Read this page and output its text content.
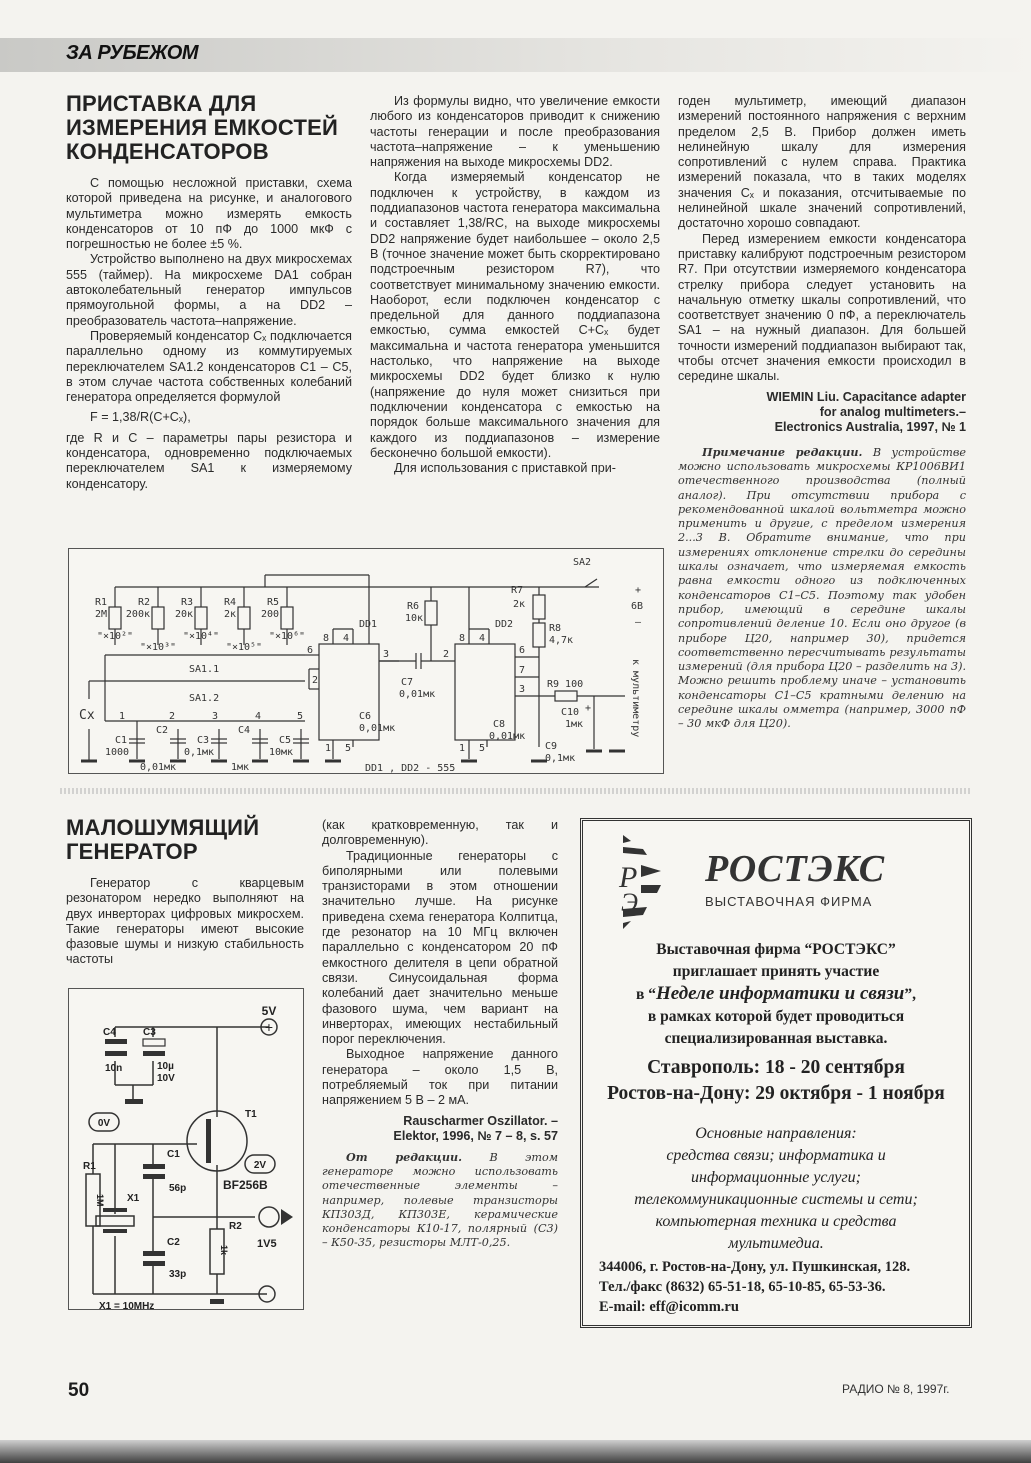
ЗА РУБЕЖОМ
ПРИСТАВКА ДЛЯ
ИЗМЕРЕНИЯ ЕМКОСТЕЙ
КОНДЕНСАТОРОВ

С помощью несложной приставки, схема которой приведена на рисунке, и аналогового мультиметра можно измерять емкость конденсаторов от 10 пФ до 1000 мкФ с погрешностью не более ±5 %.

Устройство выполнено на двух микросхемах 555 (таймер). На микросхеме DA1 собран автоколебательный генератор импульсов прямоугольной формы, а на DD2 – преобразователь частота–напряжение.

Проверяемый конденсатор Cₓ подключается параллельно одному из коммутируемых переключателем SA1.2 конденсаторов C1 – C5, в этом случае частота собственных колебаний генератора определяется формулой

F = 1,38/R(C+Cₓ),

где R и C – параметры пары резистора и конденсатора, одновременно подключаемых переключателем SA1 к измеряемому конденсатору.

Из формулы видно, что увеличение емкости любого из конденсаторов приводит к снижению частоты генерации и после преобразования частота–напряжение – к уменьшению напряжения на выходе микросхемы DD2.

Когда измеряемый конденсатор не подключен к устройству, в каждом из поддиапазонов частота генератора максимальна и составляет 1,38/RC, на выходе микросхемы DD2 напряжение будет наибольшее – около 2,5 В (точное значение может быть скорректировано подстроечным резистором R7), что соответствует минимальному значению емкости. Наоборот, если подключен конденсатор с предельной для данного поддиапазона емкостью, сумма емкостей C+Cₓ будет максимальна и частота генератора уменьшится настолько, что напряжение на выходе микросхемы DD2 будет близко к нулю (напряжение до нуля может снизиться при подключении конденсатора с емкостью на порядок больше максимального значения для каждого из поддиапазонов – измерение бесконечно большой емкости).

Для использования с приставкой при-

годен мультиметр, имеющий диапазон измерений постоянного напряжения с верхним пределом 2,5 В. Прибор должен иметь нелинейную шкалу для измерения сопротивлений с нулем справа. Практика измерений показала, что в таких моделях значения Cₓ и показания, отсчитываемые по нелинейной шкале значений сопротивлений, достаточно хорошо совпадают.

Перед измерением емкости конденсатора приставку калибруют подстроечным резистором R7. При отсутствии измеряемого конденсатора стрелку прибора следует установить на начальную отметку шкалы сопротивлений, что соответствует значению 0 пФ, а переключатель SA1 – на нужный диапазон. Для большей точности измерений поддиапазон выбирают так, чтобы отсчет значения емкости происходил в середине шкалы.

WIEMIN Liu. Capacitance adapter
for analog multimeters.–
Electronics Australia, 1997, № 1

Примечание редакции. В устройстве можно использовать микросхемы КР1006ВИ1 отечественного производства (полный аналог). При отсутствии прибора с рекомендованной шкалой вольтметра можно применить и другие, с пределом измерения 2...3 В. Обратите внимание, что при измерениях отклонение стрелки до середины шкалы означает, что измеряемая емкость равна емкости одного из подключенных конденсаторов C1–C5. Поэтому так удобен прибор, имеющий в середине шкалы сопротивлений деление 10. Если оно другое (в приборе Ц20, например 30), придется соответственно пересчитывать результаты измерений (для прибора Ц20 – разделить на 3). Можно решить проблему иначе – установить конденсаторы C1–C5 кратными делению на середине шкалы омметра (например, 3000 пФ – 30 мкФ для Ц20).

R1
2M
R2
200к
R3
20к
R4
2к
R5
200
"×10²"
"×10³"
"×10⁴"
"×10⁵"
"×10⁶"
SA1.1
SA1.2
Cx 1	2	3	4	5
C1
1000
C2
0,01мк
C3
0,1мк
C4
1мк
C5
10мк
DD1	DD2
8 4
6
2
3
1 5
8 4
2	6
7
3
1 5
R6
10к
C7
0,01мк
C6
0,01мк
DD1 , DD2 - 555
R7
2к
R8
4,7к
R9 100
C10 +
1мк
C8
0,01мк
C9
0,1мк
SA2
+
6В
–
к мультиметру
МАЛОШУМЯЩИЙ
ГЕНЕРАТОР

Генератор с кварцевым резонатором нередко выполняют на двух инверторах цифровых микросхем. Такие генераторы имеют высокие фазовые шумы и низкую стабильность частоты

5V
+
C4
10n
C3
10µ
10V
0V
2V
T1
BF256B
R1
1M X1
C1
56p
C2
33p
R2
1k
1V5
X1 = 10MHz

(как кратковременную, так и долговременную).

Традиционные генераторы с биполярными или полевыми транзисторами в этом отношении значительно лучше. На рисунке приведена схема генератора Колпитца, где резонатор на 10 МГц включен параллельно с конденсатором 20 пФ емкостного делителя в цепи обратной связи. Синусоидальная форма колебаний дает значительно меньше фазового шума, чем вариант на инверторах, имеющих нестабильный порог переключения.

Выходное напряжение данного генератора – около 1,5 В, потребляемый ток при питании напряжением 5 В – 2 мА.

Rauscharmer Oszillator. –
Elektor, 1996, № 7 – 8, s. 57

От редакции. В этом генераторе можно использовать отечественные элементы – например, полевые транзисторы КП303Д, КП303Е, керамические конденсаторы К10-17, полярный (С3) – К50-35, резисторы МЛТ-0,25.

Р
Э
РОСТЭКС
ВЫСТАВОЧНАЯ ФИРМА
Выставочная фирма “РОСТЭКС”
приглашает принять участие
в “Неделе информатики и связи”,
в рамках которой будет проводиться
специализированная выставка.
Ставрополь: 18 - 20 сентября
Ростов-на-Дону: 29 октября - 1 ноября
Основные направления:
средства связи; информатика и
информационные услуги;
телекоммуникационные системы и сети;
компьютерная техника и средства
мультимедиа.
344006, г. Ростов-на-Дону, ул. Пушкинская, 128.
Тел./факс (8632) 65-51-18, 65-10-85, 65-53-36.
E-mail: eff@icomm.ru
50	РАДИО № 8, 1997г.
